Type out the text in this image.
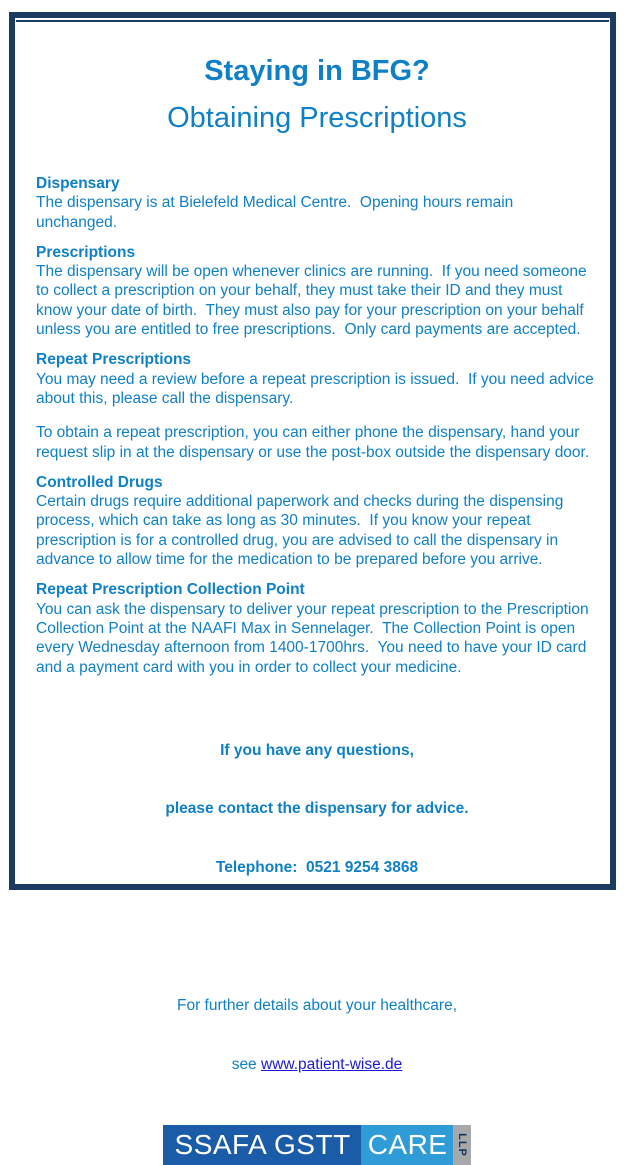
Staying in BFG?
Obtaining Prescriptions
Dispensary

The dispensary is at Bielefeld Medical Centre.  Opening hours remain unchanged.

Prescriptions

The dispensary will be open whenever clinics are running.  If you need someone to collect a prescription on your behalf, they must take their ID and they must know your date of birth.  They must also pay for your prescription on your behalf unless you are entitled to free prescriptions.  Only card payments are accepted.

Repeat Prescriptions

You may need a review before a repeat prescription is issued.  If you need advice about this, please call the dispensary.

To obtain a repeat prescription, you can either phone the dispensary, hand your request slip in at the dispensary or use the post-box outside the dispensary door.

Controlled Drugs

Certain drugs require additional paperwork and checks during the dispensing process, which can take as long as 30 minutes.  If you know your repeat prescription is for a controlled drug, you are advised to call the dispensary in advance to allow time for the medication to be prepared before you arrive.

Repeat Prescription Collection Point

You can ask the dispensary to deliver your repeat prescription to the Prescription Collection Point at the NAAFI Max in Sennelager.  The Collection Point is open every Wednesday afternoon from 1400-1700hrs.  You need to have your ID card and a payment card with you in order to collect your medicine.

If you have any questions,

please contact the dispensary for advice.

Telephone:  0521 9254 3868

For further details about your healthcare,

see www.patient-wise.de

SSAFA GSTT CARE LLP
